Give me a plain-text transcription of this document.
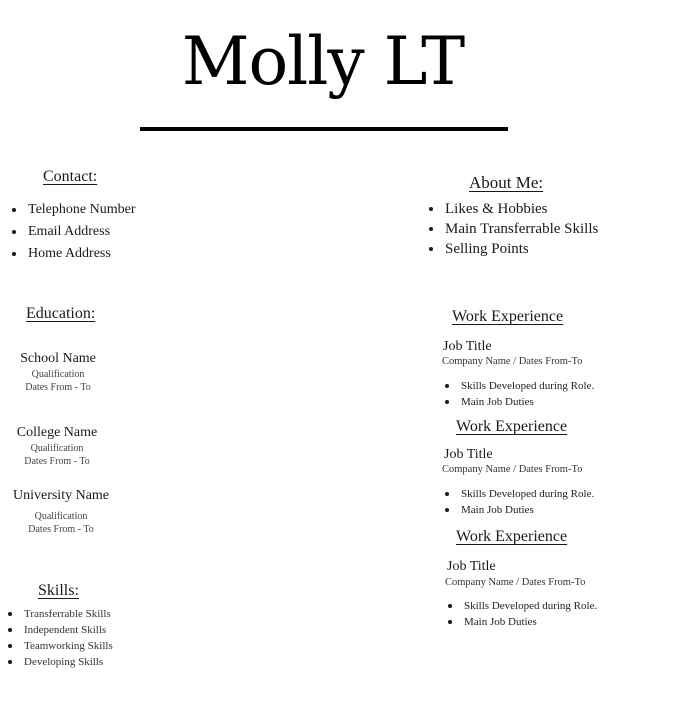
Molly LT
Contact:
Telephone Number
Email Address
Home Address
About Me:
Likes & Hobbies
Main Transferrable Skills
Selling Points
Education:
School Name
Qualification
Dates From - To
College Name
Qualification
Dates From - To
University Name
Qualification
Dates From - To
Skills:
Transferrable Skills
Independent Skills
Teamworking Skills
Developing Skills
Work Experience
Job Title
Company Name / Dates From-To
Skills Developed during Role.
Main Job Duties
Work Experience
Job Title
Company Name / Dates From-To
Skills Developed during Role.
Main Job Duties
Work Experience
Job Title
Company Name / Dates From-To
Skills Developed during Role.
Main Job Duties
